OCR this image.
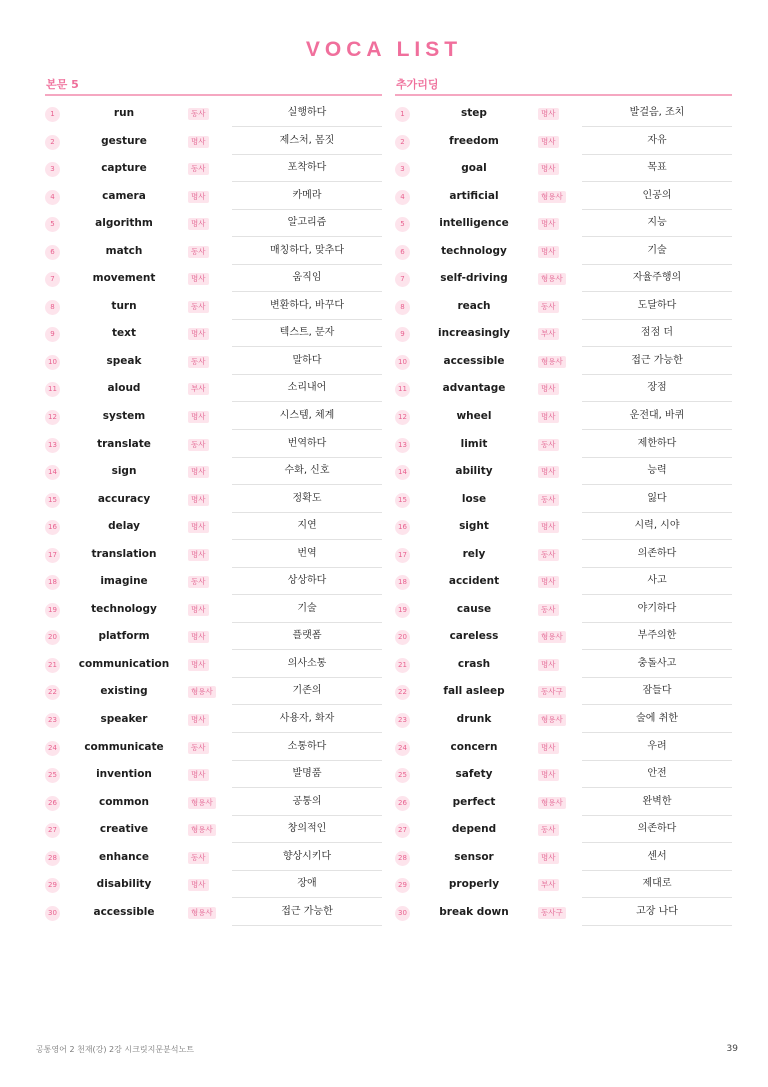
VOCA LIST
본문 5
1	run	동사	실행하다
2	gesture	명사	제스처, 몸짓
3	capture	동사	포착하다
4	camera	명사	카메라
5	algorithm	명사	알고리즘
6	match	동사	매칭하다, 맞추다
7	movement	명사	움직임
8	turn	동사	변환하다, 바꾸다
9	text	명사	텍스트, 문자
10	speak	동사	말하다
11	aloud	부사	소리내어
12	system	명사	시스템, 체계
13	translate	동사	번역하다
14	sign	명사	수화, 신호
15	accuracy	명사	정확도
16	delay	명사	지연
17	translation	명사	번역
18	imagine	동사	상상하다
19	technology	명사	기술
20	platform	명사	플랫폼
21	communication	명사	의사소통
22	existing	형용사	기존의
23	speaker	명사	사용자, 화자
24	communicate	동사	소통하다
25	invention	명사	발명품
26	common	형용사	공통의
27	creative	형용사	창의적인
28	enhance	동사	향상시키다
29	disability	명사	장애
30	accessible	형용사	접근 가능한
추가리딩
1	step	명사	발걸음, 조치
2	freedom	명사	자유
3	goal	명사	목표
4	artificial	형용사	인공의
5	intelligence	명사	지능
6	technology	명사	기술
7	self-driving	형용사	자율주행의
8	reach	동사	도달하다
9	increasingly	부사	점점 더
10	accessible	형용사	접근 가능한
11	advantage	명사	장점
12	wheel	명사	운전대, 바퀴
13	limit	동사	제한하다
14	ability	명사	능력
15	lose	동사	잃다
16	sight	명사	시력, 시야
17	rely	동사	의존하다
18	accident	명사	사고
19	cause	동사	야기하다
20	careless	형용사	부주의한
21	crash	명사	충돌사고
22	fall asleep	동사구	잠들다
23	drunk	형용사	술에 취한
24	concern	명사	우려
25	safety	명사	안전
26	perfect	형용사	완벽한
27	depend	동사	의존하다
28	sensor	명사	센서
29	properly	부사	제대로
30	break down	동사구	고장 나다
공통영어 2 천재(강) 2강 시크릿지문분석노트	39
